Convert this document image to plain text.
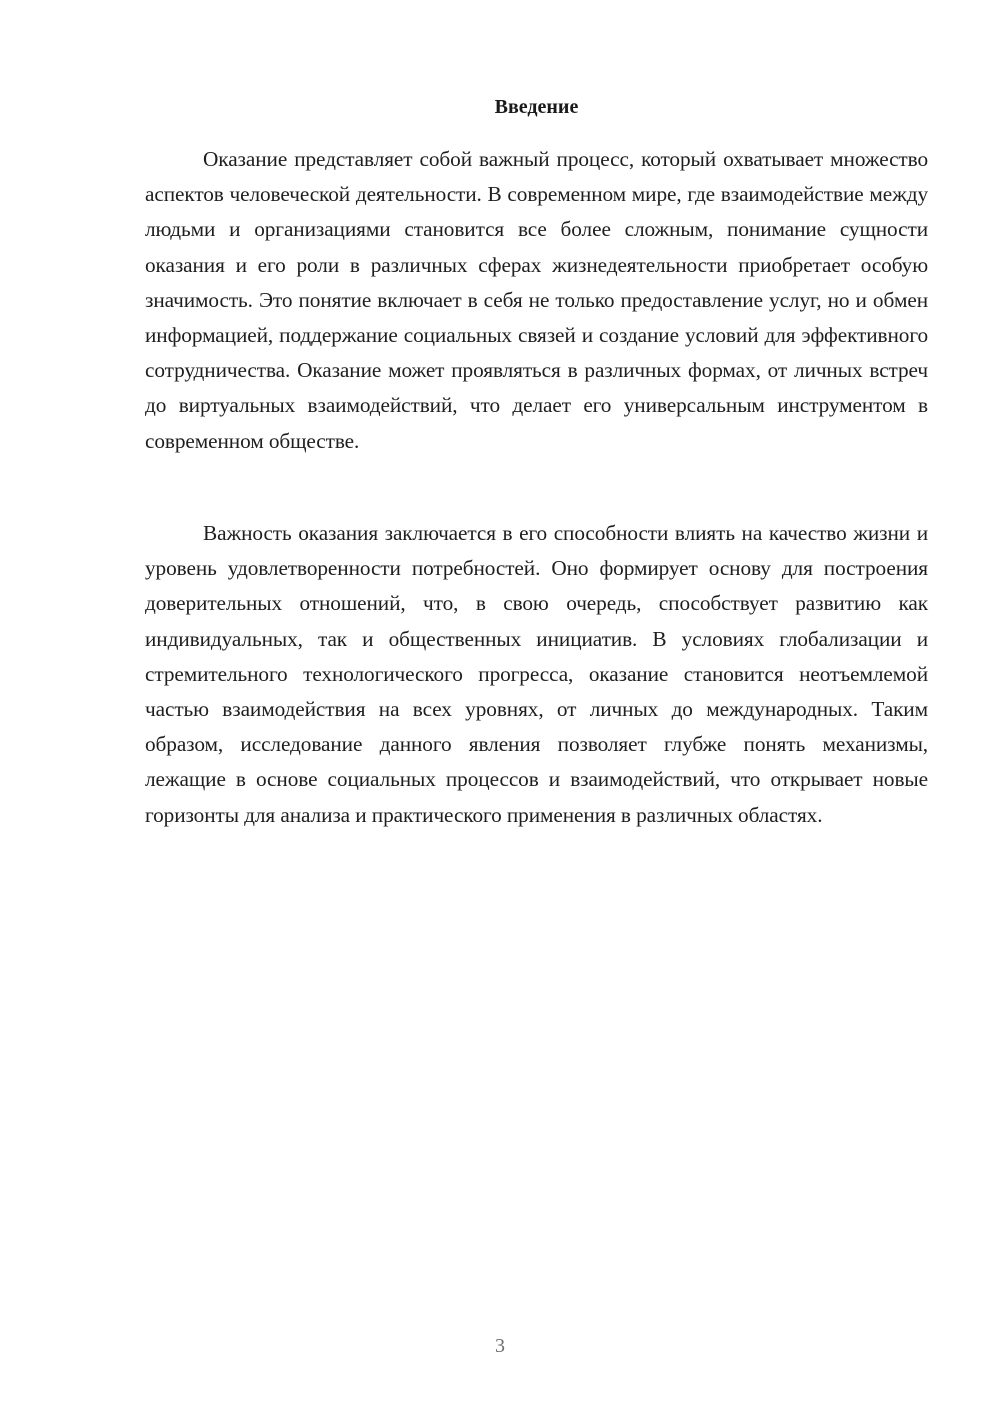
Введение

Оказание представляет собой важный процесс, который охватывает множество аспектов человеческой деятельности. В современном мире, где взаимодействие между людьми и организациями становится все более сложным, понимание сущности оказания и его роли в различных сферах жизнедеятельности приобретает особую значимость. Это понятие включает в себя не только предоставление услуг, но и обмен информацией, поддержание социальных связей и создание условий для эффективного сотрудничества. Оказание может проявляться в различных формах, от личных встреч до виртуальных взаимодействий, что делает его универсальным инструментом в современном обществе.

Важность оказания заключается в его способности влиять на качество жизни и уровень удовлетворенности потребностей. Оно формирует основу для построения доверительных отношений, что, в свою очередь, способствует развитию как индивидуальных, так и общественных инициатив. В условиях глобализации и стремительного технологического прогресса, оказание становится неотъемлемой частью взаимодействия на всех уровнях, от личных до международных. Таким образом, исследование данного явления позволяет глубже понять механизмы, лежащие в основе социальных процессов и взаимодействий, что открывает новые горизонты для анализа и практического применения в различных областях.

3
